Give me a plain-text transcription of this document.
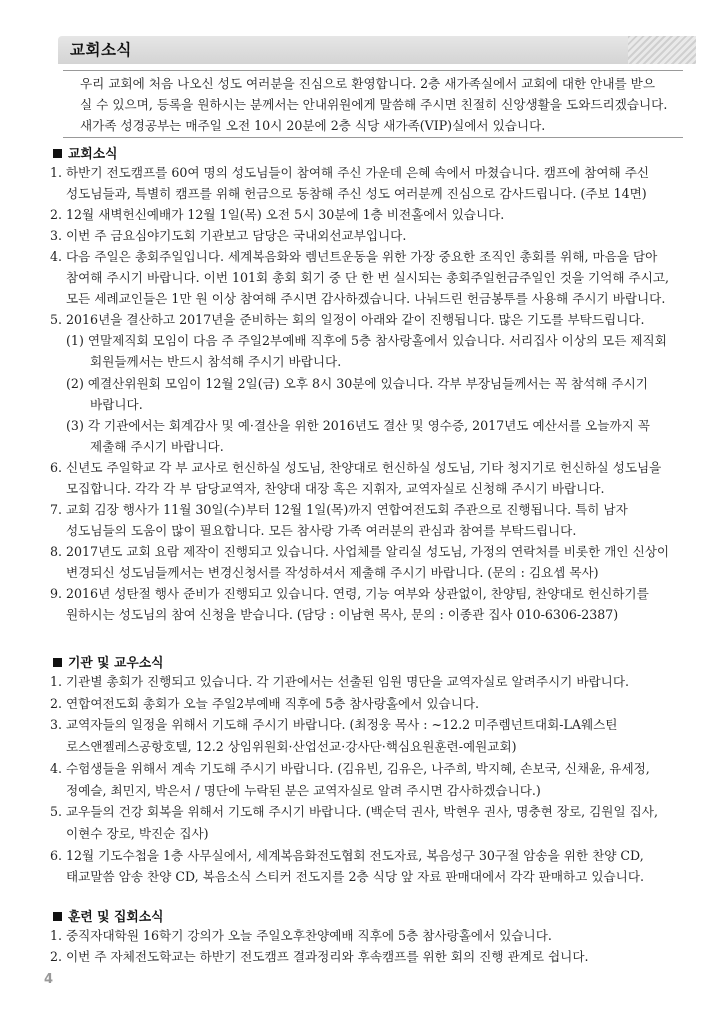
교회소식
우리 교회에 처음 나오신 성도 여러분을 진심으로 환영합니다. 2층 새가족실에서 교회에 대한 안내를 받으
실 수 있으며, 등록을 원하시는 분께서는 안내위원에게 말씀해 주시면 친절히 신앙생활을 도와드리겠습니다.
새가족 성경공부는 매주일 오전 10시 20분에 2층 식당 새가족(VIP)실에서 있습니다.
교회소식
1. 하반기 전도캠프를 60여 명의 성도님들이 참여해 주신 가운데 은혜 속에서 마쳤습니다. 캠프에 참여해 주신
성도님들과, 특별히 캠프를 위해 헌금으로 동참해 주신 성도 여러분께 진심으로 감사드립니다. (주보 14면)
2. 12월 새벽헌신예배가 12월 1일(목) 오전 5시 30분에 1층 비전홀에서 있습니다.
3. 이번 주 금요심야기도회 기관보고 담당은 국내외선교부입니다.
4. 다음 주일은 총회주일입니다. 세계복음화와 렘넌트운동을 위한 가장 중요한 조직인 총회를 위해, 마음을 담아
참여해 주시기 바랍니다. 이번 101회 총회 회기 중 단 한 번 실시되는 총회주일헌금주일인 것을 기억해 주시고,
모든 세례교인들은 1만 원 이상 참여해 주시면 감사하겠습니다. 나눠드린 헌금봉투를 사용해 주시기 바랍니다.
5. 2016년을 결산하고 2017년을 준비하는 회의 일정이 아래와 같이 진행됩니다. 많은 기도를 부탁드립니다.
(1) 연말제직회 모임이 다음 주 주일2부예배 직후에 5층 참사랑홀에서 있습니다. 서리집사 이상의 모든 제직회
회원들께서는 반드시 참석해 주시기 바랍니다.
(2) 예결산위원회 모임이 12월 2일(금) 오후 8시 30분에 있습니다. 각부 부장님들께서는 꼭 참석해 주시기
바랍니다.
(3) 각 기관에서는 회계감사 및 예·결산을 위한 2016년도 결산 및 영수증, 2017년도 예산서를 오늘까지 꼭
제출해 주시기 바랍니다.
6. 신년도 주일학교 각 부 교사로 헌신하실 성도님, 찬양대로 헌신하실 성도님, 기타 청지기로 헌신하실 성도님을
모집합니다. 각각 각 부 담당교역자, 찬양대 대장 혹은 지휘자, 교역자실로 신청해 주시기 바랍니다.
7. 교회 김장 행사가 11월 30일(수)부터 12월 1일(목)까지 연합여전도회 주관으로 진행됩니다. 특히 남자
성도님들의 도움이 많이 필요합니다. 모든 참사랑 가족 여러분의 관심과 참여를 부탁드립니다.
8. 2017년도 교회 요람 제작이 진행되고 있습니다. 사업체를 알리실 성도님, 가정의 연락처를 비롯한 개인 신상이
변경되신 성도님들께서는 변경신청서를 작성하셔서 제출해 주시기 바랍니다. (문의 : 김요셉 목사)
9. 2016년 성탄절 행사 준비가 진행되고 있습니다. 연령, 기능 여부와 상관없이, 찬양팀, 찬양대로 헌신하기를
원하시는 성도님의 참여 신청을 받습니다. (담당 : 이남현 목사, 문의 : 이종관 집사 010-6306-2387)
기관 및 교우소식
1. 기관별 총회가 진행되고 있습니다. 각 기관에서는 선출된 임원 명단을 교역자실로 알려주시기 바랍니다.
2. 연합여전도회 총회가 오늘 주일2부예배 직후에 5층 참사랑홀에서 있습니다.
3. 교역자들의 일정을 위해서 기도해 주시기 바랍니다. (최정웅 목사 : ~12.2 미주렘넌트대회-LA웨스틴
로스앤젤레스공항호텔, 12.2 상임위원회·산업선교·강사단·핵심요원훈련-예원교회)
4. 수험생들을 위해서 계속 기도해 주시기 바랍니다. (김유빈, 김유은, 나주희, 박지혜, 손보국, 신채윤, 유세정,
정예슬, 최민지, 박은서 / 명단에 누락된 분은 교역자실로 알려 주시면 감사하겠습니다.)
5. 교우들의 건강 회복을 위해서 기도해 주시기 바랍니다. (백순덕 권사, 박현우 권사, 명충현 장로, 김원일 집사,
이현수 장로, 박진순 집사)
6. 12월 기도수첩을 1층 사무실에서, 세계복음화전도협회 전도자료, 복음성구 30구절 암송을 위한 찬양 CD,
태교말씀 암송 찬양 CD, 복음소식 스티커 전도지를 2층 식당 앞 자료 판매대에서 각각 판매하고 있습니다.
훈련 및 집회소식
1. 중직자대학원 16학기 강의가 오늘 주일오후찬양예배 직후에 5층 참사랑홀에서 있습니다.
2. 이번 주 자체전도학교는 하반기 전도캠프 결과정리와 후속캠프를 위한 회의 진행 관계로 쉽니다.
4
